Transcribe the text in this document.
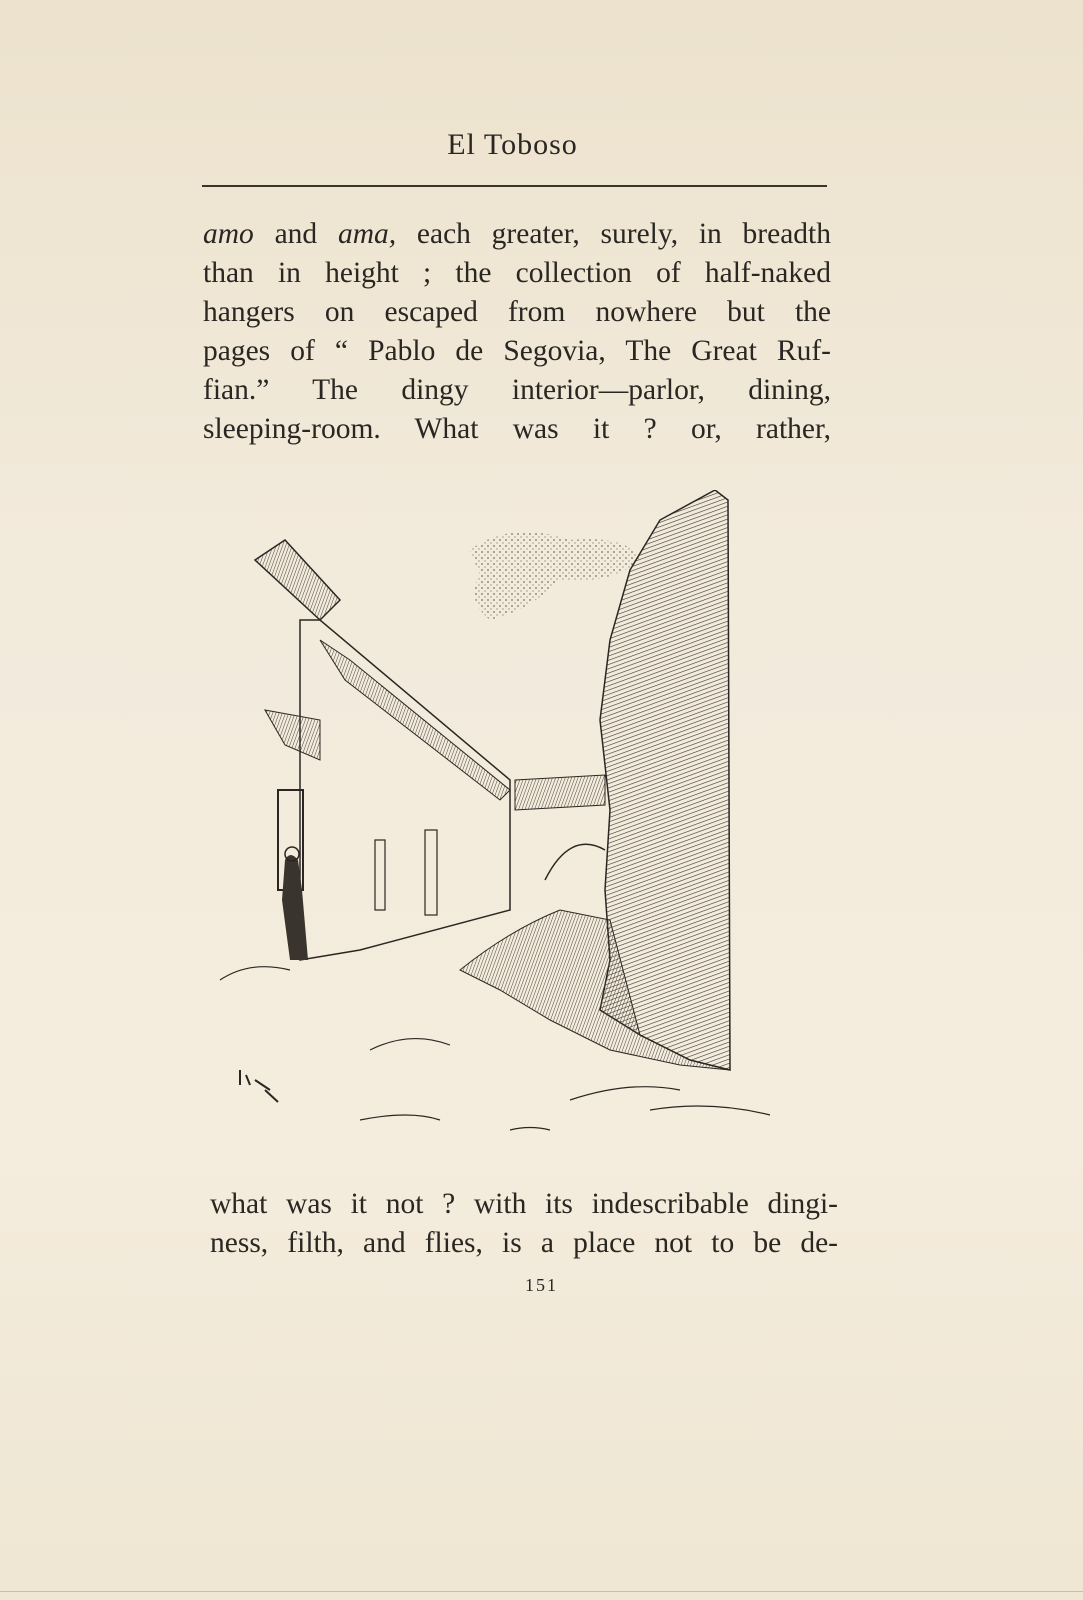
El Toboso
amo and ama, each greater, surely, in breadth
than in height ; the collection of half-naked
hangers on escaped from nowhere but the
pages of “ Pablo de Segovia, The Great Ruf-
fian.” The dingy interior—parlor, dining,
sleeping-room. What was it ? or, rather,
what was it not ? with its indescribable dingi-
ness, filth, and flies, is a place not to be de-
151
